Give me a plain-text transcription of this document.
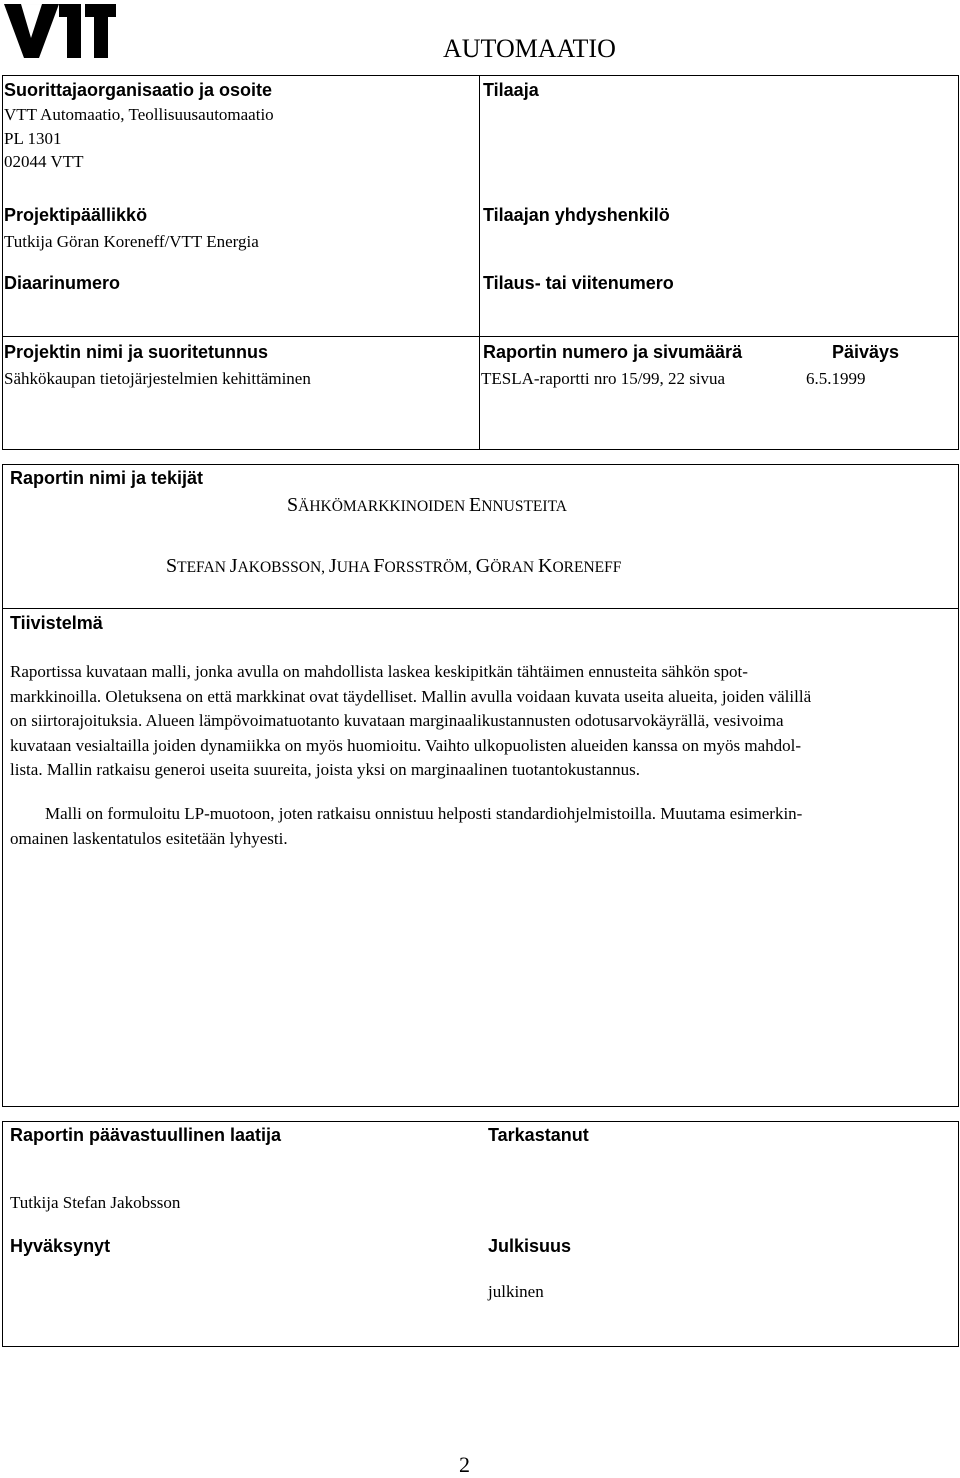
AUTOMAATIO
Suorittajaorganisaatio ja osoite
VTT Automaatio, Teollisuusautomaatio
PL 1301
02044 VTT
Projektipäällikkö
Tutkija Göran Koreneff/VTT Energia
Diaarinumero
Tilaaja
Tilaajan yhdyshenkilö
Tilaus- tai viitenumero
Projektin nimi ja suoritetunnus
Sähkökaupan tietojärjestelmien kehittäminen
Raportin numero ja sivumäärä
TESLA-raportti nro 15/99, 22 sivua
Päiväys
6.5.1999
Raportin nimi ja tekijät
SÄHKÖMARKKINOIDEN ENNUSTEITA
STEFAN JAKOBSSON, JUHA FORSSTRÖM, GÖRAN KORENEFF
Tiivistelmä
Raportissa kuvataan malli, jonka avulla on mahdollista laskea keskipitkän tähtäimen ennusteita sähkön spot-
markkinoilla. Oletuksena on että markkinat ovat täydelliset. Mallin avulla voidaan kuvata useita alueita, joiden välillä
on siirtorajoituksia. Alueen lämpövoimatuotanto kuvataan marginaalikustannusten odotusarvokäyrällä, vesivoima
kuvataan vesialtailla joiden dynamiikka on myös huomioitu. Vaihto ulkopuolisten alueiden kanssa on myös mahdol-
lista. Mallin ratkaisu generoi useita suureita, joista yksi on marginaalinen tuotantokustannus.
Malli on formuloitu LP-muotoon, joten ratkaisu onnistuu helposti standardiohjelmistoilla. Muutama esimerkin-
omainen laskentatulos esitetään lyhyesti.
Raportin päävastuullinen laatija	Tarkastanut
Tutkija Stefan Jakobsson
Hyväksynyt	Julkisuus
julkinen
2
